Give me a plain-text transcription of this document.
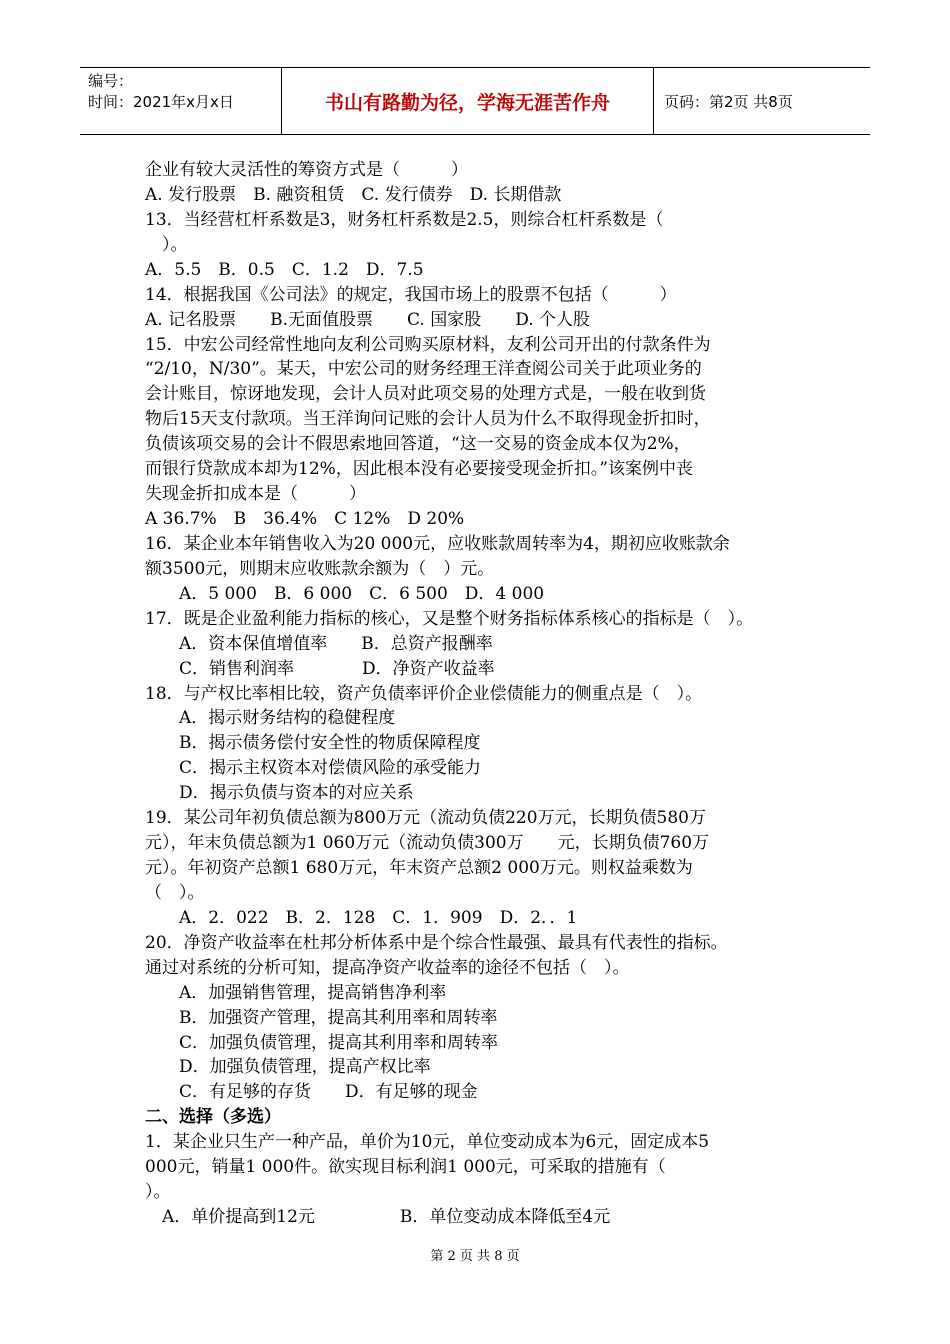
编号：
时间：2021年x月x日	书山有路勤为径，学海无涯苦作舟	页码：第2页 共8页
企业有较大灵活性的筹资方式是（　　　）
A. 发行股票　B. 融资租赁　C. 发行债券　D. 长期借款
13．当经营杠杆系数是3，财务杠杆系数是2.5，则综合杠杆系数是（
　）。
A．5.5　B．0.5　C．1.2　D．7.5
14．根据我国《公司法》的规定，我国市场上的股票不包括（　　　）
A. 记名股票　　B.无面值股票　　C. 国家股　　D. 个人股
15．中宏公司经常性地向友利公司购买原材料，友利公司开出的付款条件为
“2/10，N/30”。某天，中宏公司的财务经理王洋查阅公司关于此项业务的
会计账目，惊讶地发现，会计人员对此项交易的处理方式是，一般在收到货
物后15天支付款项。当王洋询问记账的会计人员为什么不取得现金折扣时，
负债该项交易的会计不假思索地回答道，“这一交易的资金成本仅为2%，
而银行贷款成本却为12%，因此根本没有必要接受现金折扣。”该案例中丧
失现金折扣成本是（　　　）
A 36.7%　B　36.4%　C 12%　D 20%
16．某企业本年销售收入为20 000元，应收账款周转率为4，期初应收账款余
额3500元，则期末应收账款余额为（　）元。
　　A．5 000　B．6 000　C．6 500　D．4 000
17．既是企业盈利能力指标的核心，又是整个财务指标体系核心的指标是（　）。
　　A．资本保值增值率　　B．总资产报酬率
　　C．销售利润率　　　　D．净资产收益率
18．与产权比率相比较，资产负债率评价企业偿债能力的侧重点是（　）。
　　A．揭示财务结构的稳健程度
　　B．揭示债务偿付安全性的物质保障程度
　　C．揭示主权资本对偿债风险的承受能力
　　D．揭示负债与资本的对应关系
19．某公司年初负债总额为800万元（流动负债220万元，长期负债580万
元），年末负债总额为1 060万元（流动负债300万　　元，长期负债760万
元）。年初资产总额1 680万元，年末资产总额2 000万元。则权益乘数为
（　）。
　　A．2．022　B．2．128　C．1．909　D．2．．1
20．净资产收益率在杜邦分析体系中是个综合性最强、最具有代表性的指标。
通过对系统的分析可知，提高净资产收益率的途径不包括（　）。
　　A．加强销售管理，提高销售净利率
　　B．加强资产管理，提高其利用率和周转率
　　C．加强负债管理，提高其利用率和周转率
　　D．加强负债管理，提高产权比率
　　C．有足够的存货　　D．有足够的现金
二、选择（多选）
1．某企业只生产一种产品，单价为10元，单位变动成本为6元，固定成本5
000元，销量1 000件。欲实现目标利润1 000元，可采取的措施有（
）。
　A．单价提高到12元　　　　　B．单位变动成本降低至4元
第 2 页 共 8 页
